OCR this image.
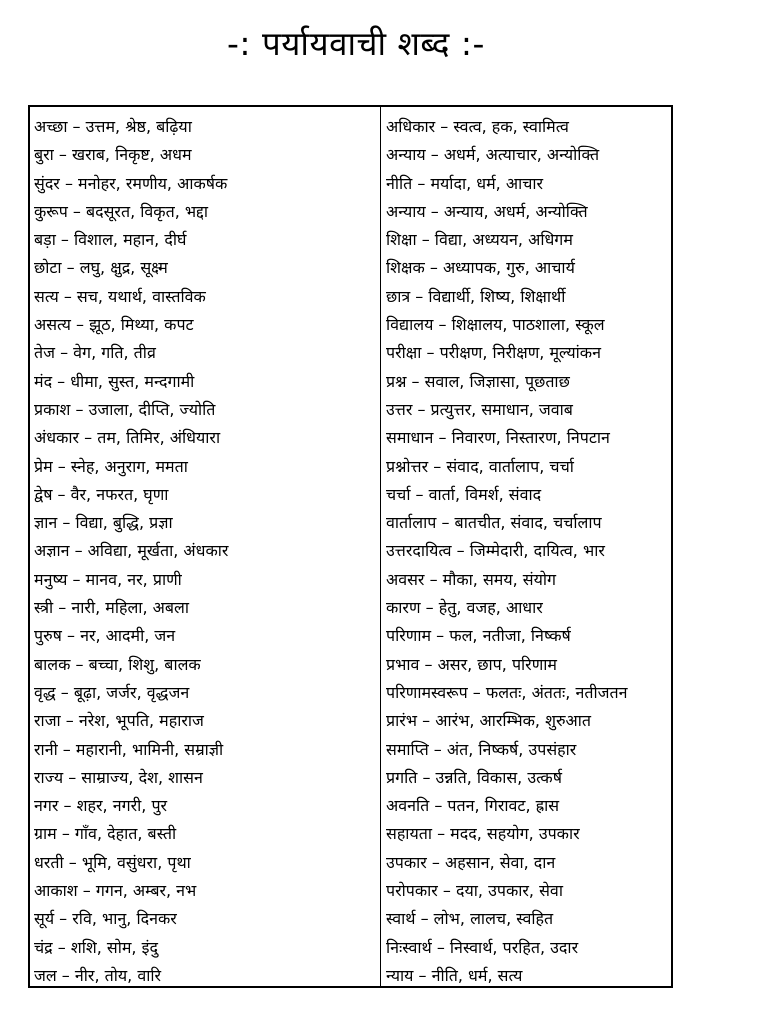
-: पर्यायवाची शब्द :-
अच्छा – उत्तम, श्रेष्ठ, बढ़िया
बुरा – खराब, निकृष्ट, अधम
सुंदर – मनोहर, रमणीय, आकर्षक
कुरूप – बदसूरत, विकृत, भद्दा
बड़ा – विशाल, महान, दीर्घ
छोटा – लघु, क्षुद्र, सूक्ष्म
सत्य – सच, यथार्थ, वास्तविक
असत्य – झूठ, मिथ्या, कपट
तेज – वेग, गति, तीव्र
मंद – धीमा, सुस्त, मन्दगामी
प्रकाश – उजाला, दीप्ति, ज्योति
अंधकार – तम, तिमिर, अंधियारा
प्रेम – स्नेह, अनुराग, ममता
द्वेष – वैर, नफरत, घृणा
ज्ञान – विद्या, बुद्धि, प्रज्ञा
अज्ञान – अविद्या, मूर्खता, अंधकार
मनुष्य – मानव, नर, प्राणी
स्त्री – नारी, महिला, अबला
पुरुष – नर, आदमी, जन
बालक – बच्चा, शिशु, बालक
वृद्ध – बूढ़ा, जर्जर, वृद्धजन
राजा – नरेश, भूपति, महाराज
रानी – महारानी, भामिनी, सम्राज्ञी
राज्य – साम्राज्य, देश, शासन
नगर – शहर, नगरी, पुर
ग्राम – गाँव, देहात, बस्ती
धरती – भूमि, वसुंधरा, पृथा
आकाश – गगन, अम्बर, नभ
सूर्य – रवि, भानु, दिनकर
चंद्र – शशि, सोम, इंदु
जल – नीर, तोय, वारि
अधिकार – स्वत्व, हक, स्वामित्व
अन्याय – अधर्म, अत्याचार, अन्योक्ति
नीति – मर्यादा, धर्म, आचार
अन्याय – अन्याय, अधर्म, अन्योक्ति
शिक्षा – विद्या, अध्ययन, अधिगम
शिक्षक – अध्यापक, गुरु, आचार्य
छात्र – विद्यार्थी, शिष्य, शिक्षार्थी
विद्यालय – शिक्षालय, पाठशाला, स्कूल
परीक्षा – परीक्षण, निरीक्षण, मूल्यांकन
प्रश्न – सवाल, जिज्ञासा, पूछताछ
उत्तर – प्रत्युत्तर, समाधान, जवाब
समाधान – निवारण, निस्तारण, निपटान
प्रश्नोत्तर – संवाद, वार्तालाप, चर्चा
चर्चा – वार्ता, विमर्श, संवाद
वार्तालाप – बातचीत, संवाद, चर्चालाप
उत्तरदायित्व – जिम्मेदारी, दायित्व, भार
अवसर – मौका, समय, संयोग
कारण – हेतु, वजह, आधार
परिणाम – फल, नतीजा, निष्कर्ष
प्रभाव – असर, छाप, परिणाम
परिणामस्वरूप – फलतः, अंततः, नतीजतन
प्रारंभ – आरंभ, आरम्भिक, शुरुआत
समाप्ति – अंत, निष्कर्ष, उपसंहार
प्रगति – उन्नति, विकास, उत्कर्ष
अवनति – पतन, गिरावट, ह्रास
सहायता – मदद, सहयोग, उपकार
उपकार – अहसान, सेवा, दान
परोपकार – दया, उपकार, सेवा
स्वार्थ – लोभ, लालच, स्वहित
निःस्वार्थ – निस्वार्थ, परहित, उदार
न्याय – नीति, धर्म, सत्य
